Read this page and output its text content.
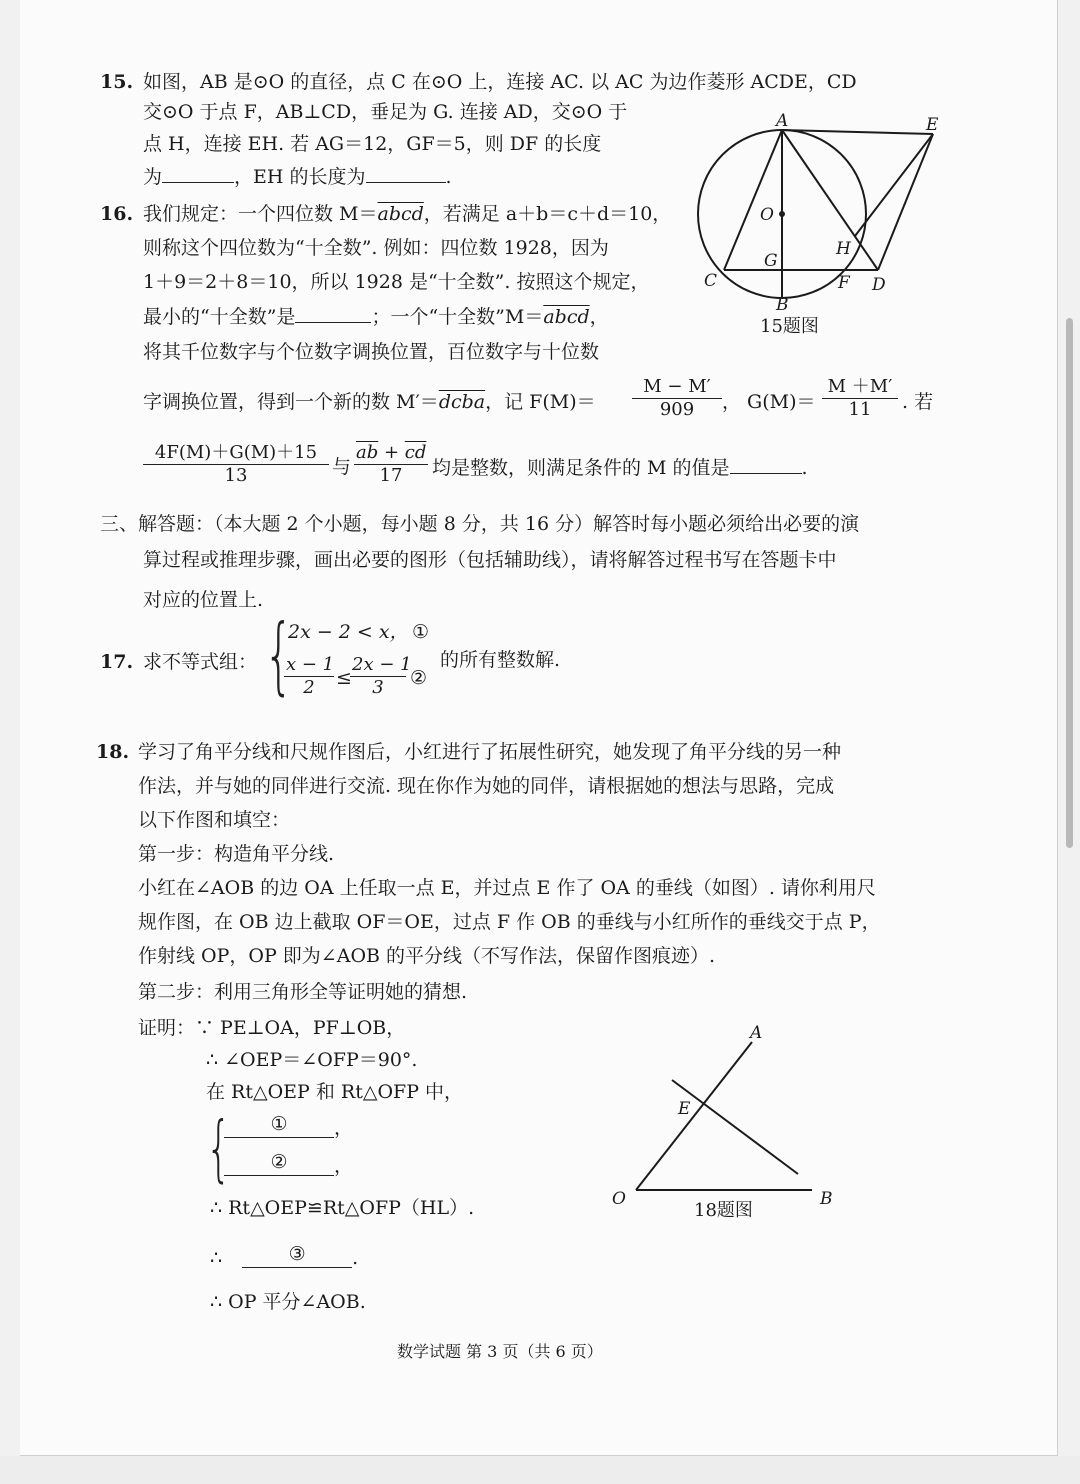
15. 如图，AB 是⊙O 的直径，点 C 在⊙O 上，连接 AC. 以 AC 为边作菱形 ACDE，CD
交⊙O 于点 F，AB⊥CD，垂足为 G. 连接 AD，交⊙O 于
点 H，连接 EH. 若 AG＝12，GF＝5，则 DF 的长度
为	，EH 的长度为	.
A	E
O
G
H
C	F D
B
15题图
16. 我们规定：一个四位数 M＝abcd，若满足 a＋b＝c＋d＝10，
则称这个四位数为“十全数”. 例如：四位数 1928，因为
1＋9＝2＋8＝10，所以 1928 是“十全数”. 按照这个规定，
最小的“十全数”是	；一个“十全数”M＝abcd，
将其千位数字与个位数字调换位置，百位数字与十位数
字调换位置，得到一个新的数 M′＝dcba，记 $F(M)= \frac{M - M'}{909}$ ， $G(M)= \frac{M +M'}{11}$ . 若
$\frac{4F(M)+G(M)+15}{13}$ 与 $\frac{\overline{ab} + \overline{cd}}{17}$ 均是整数，则满足条件的 M 的值是	.
三、解答题：（本大题 2 个小题，每小题 8 分，共 16 分）解答时每小题必须给出必要的演
算过程或推理步骤，画出必要的图形（包括辅助线），请将解答过程书写在答题卡中
对应的位置上.
17. 求不等式组： {
2x − 2 < x， ①
$\frac{x - 1}{2}$ ≤
$\frac{2x - 1}{3}$ ②
的所有整数解.
18. 学习了角平分线和尺规作图后，小红进行了拓展性研究，她发现了角平分线的另一种
作法，并与她的同伴进行交流. 现在你作为她的同伴，请根据她的想法与思路，完成
以下作图和填空：
第一步：构造角平分线.
小红在∠AOB 的边 OA 上任取一点 E，并过点 E 作了 OA 的垂线（如图）. 请你利用尺
规作图，在 OB 边上截取 OF＝OE，过点 F 作 OB 的垂线与小红所作的垂线交于点 P，
作射线 OP，OP 即为∠AOB 的平分线（不写作法，保留作图痕迹）.
第二步：利用三角形全等证明她的猜想.
证明：∵ PE⊥OA，PF⊥OB，
∴ ∠OEP＝∠OFP＝90°.
在 Rt△OEP 和 Rt△OFP 中，
{	① ，
② ，
∴ Rt△OEP≌Rt△OFP（HL）.
∴	③ .
∴ OP 平分∠AOB.
A
E
O	B
18题图
数学试题 第 3 页（共 6 页）
